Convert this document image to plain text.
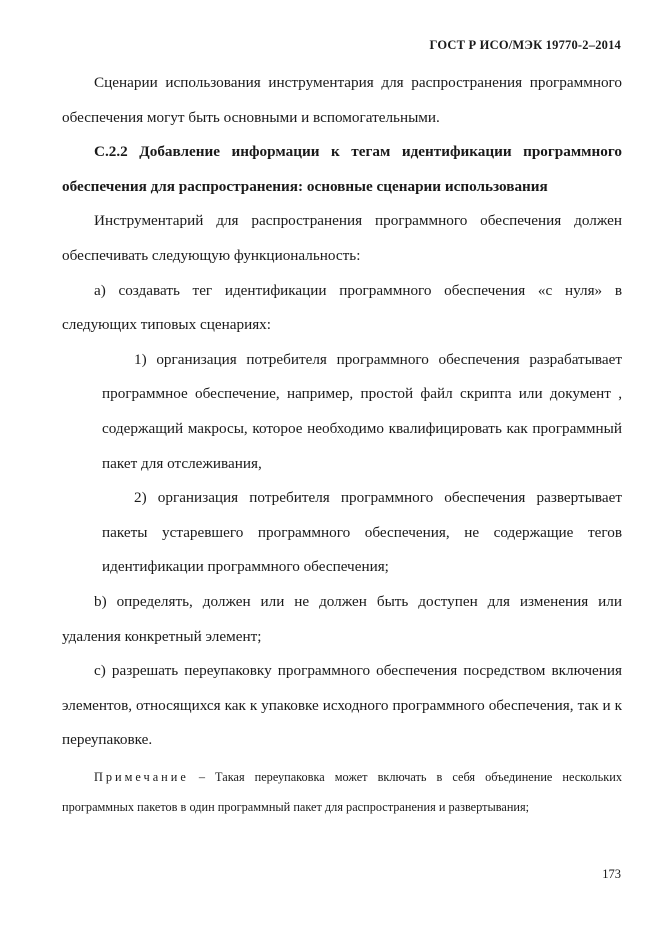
ГОСТ Р ИСО/МЭК 19770-2–2014

Сценарии использования инструментария для распространения программного обеспечения могут быть основными и вспомогательными.

С.2.2 Добавление информации к тегам идентификации программного обеспечения для распространения: основные сценарии использования

Инструментарий для распространения программного обеспечения должен обеспечивать следующую функциональность:

а) создавать тег идентификации программного обеспечения «с нуля» в следующих типовых сценариях:

1) организация потребителя программного обеспечения разрабатывает программное обеспечение, например, простой файл скрипта или документ , содержащий макросы, которое необходимо квалифицировать как программный пакет для отслеживания,

2) организация потребителя программного обеспечения развертывает пакеты устаревшего программного обеспечения, не содержащие тегов идентификации программного обеспечения;

b) определять, должен или не должен быть доступен для изменения или удаления конкретный элемент;

c) разрешать переупаковку программного обеспечения посредством включения элементов, относящихся как к упаковке исходного программного обеспечения, так и к переупаковке.

Примечание – Такая переупаковка может включать в себя объединение нескольких программных пакетов в один программный пакет для распространения и развертывания;

173
